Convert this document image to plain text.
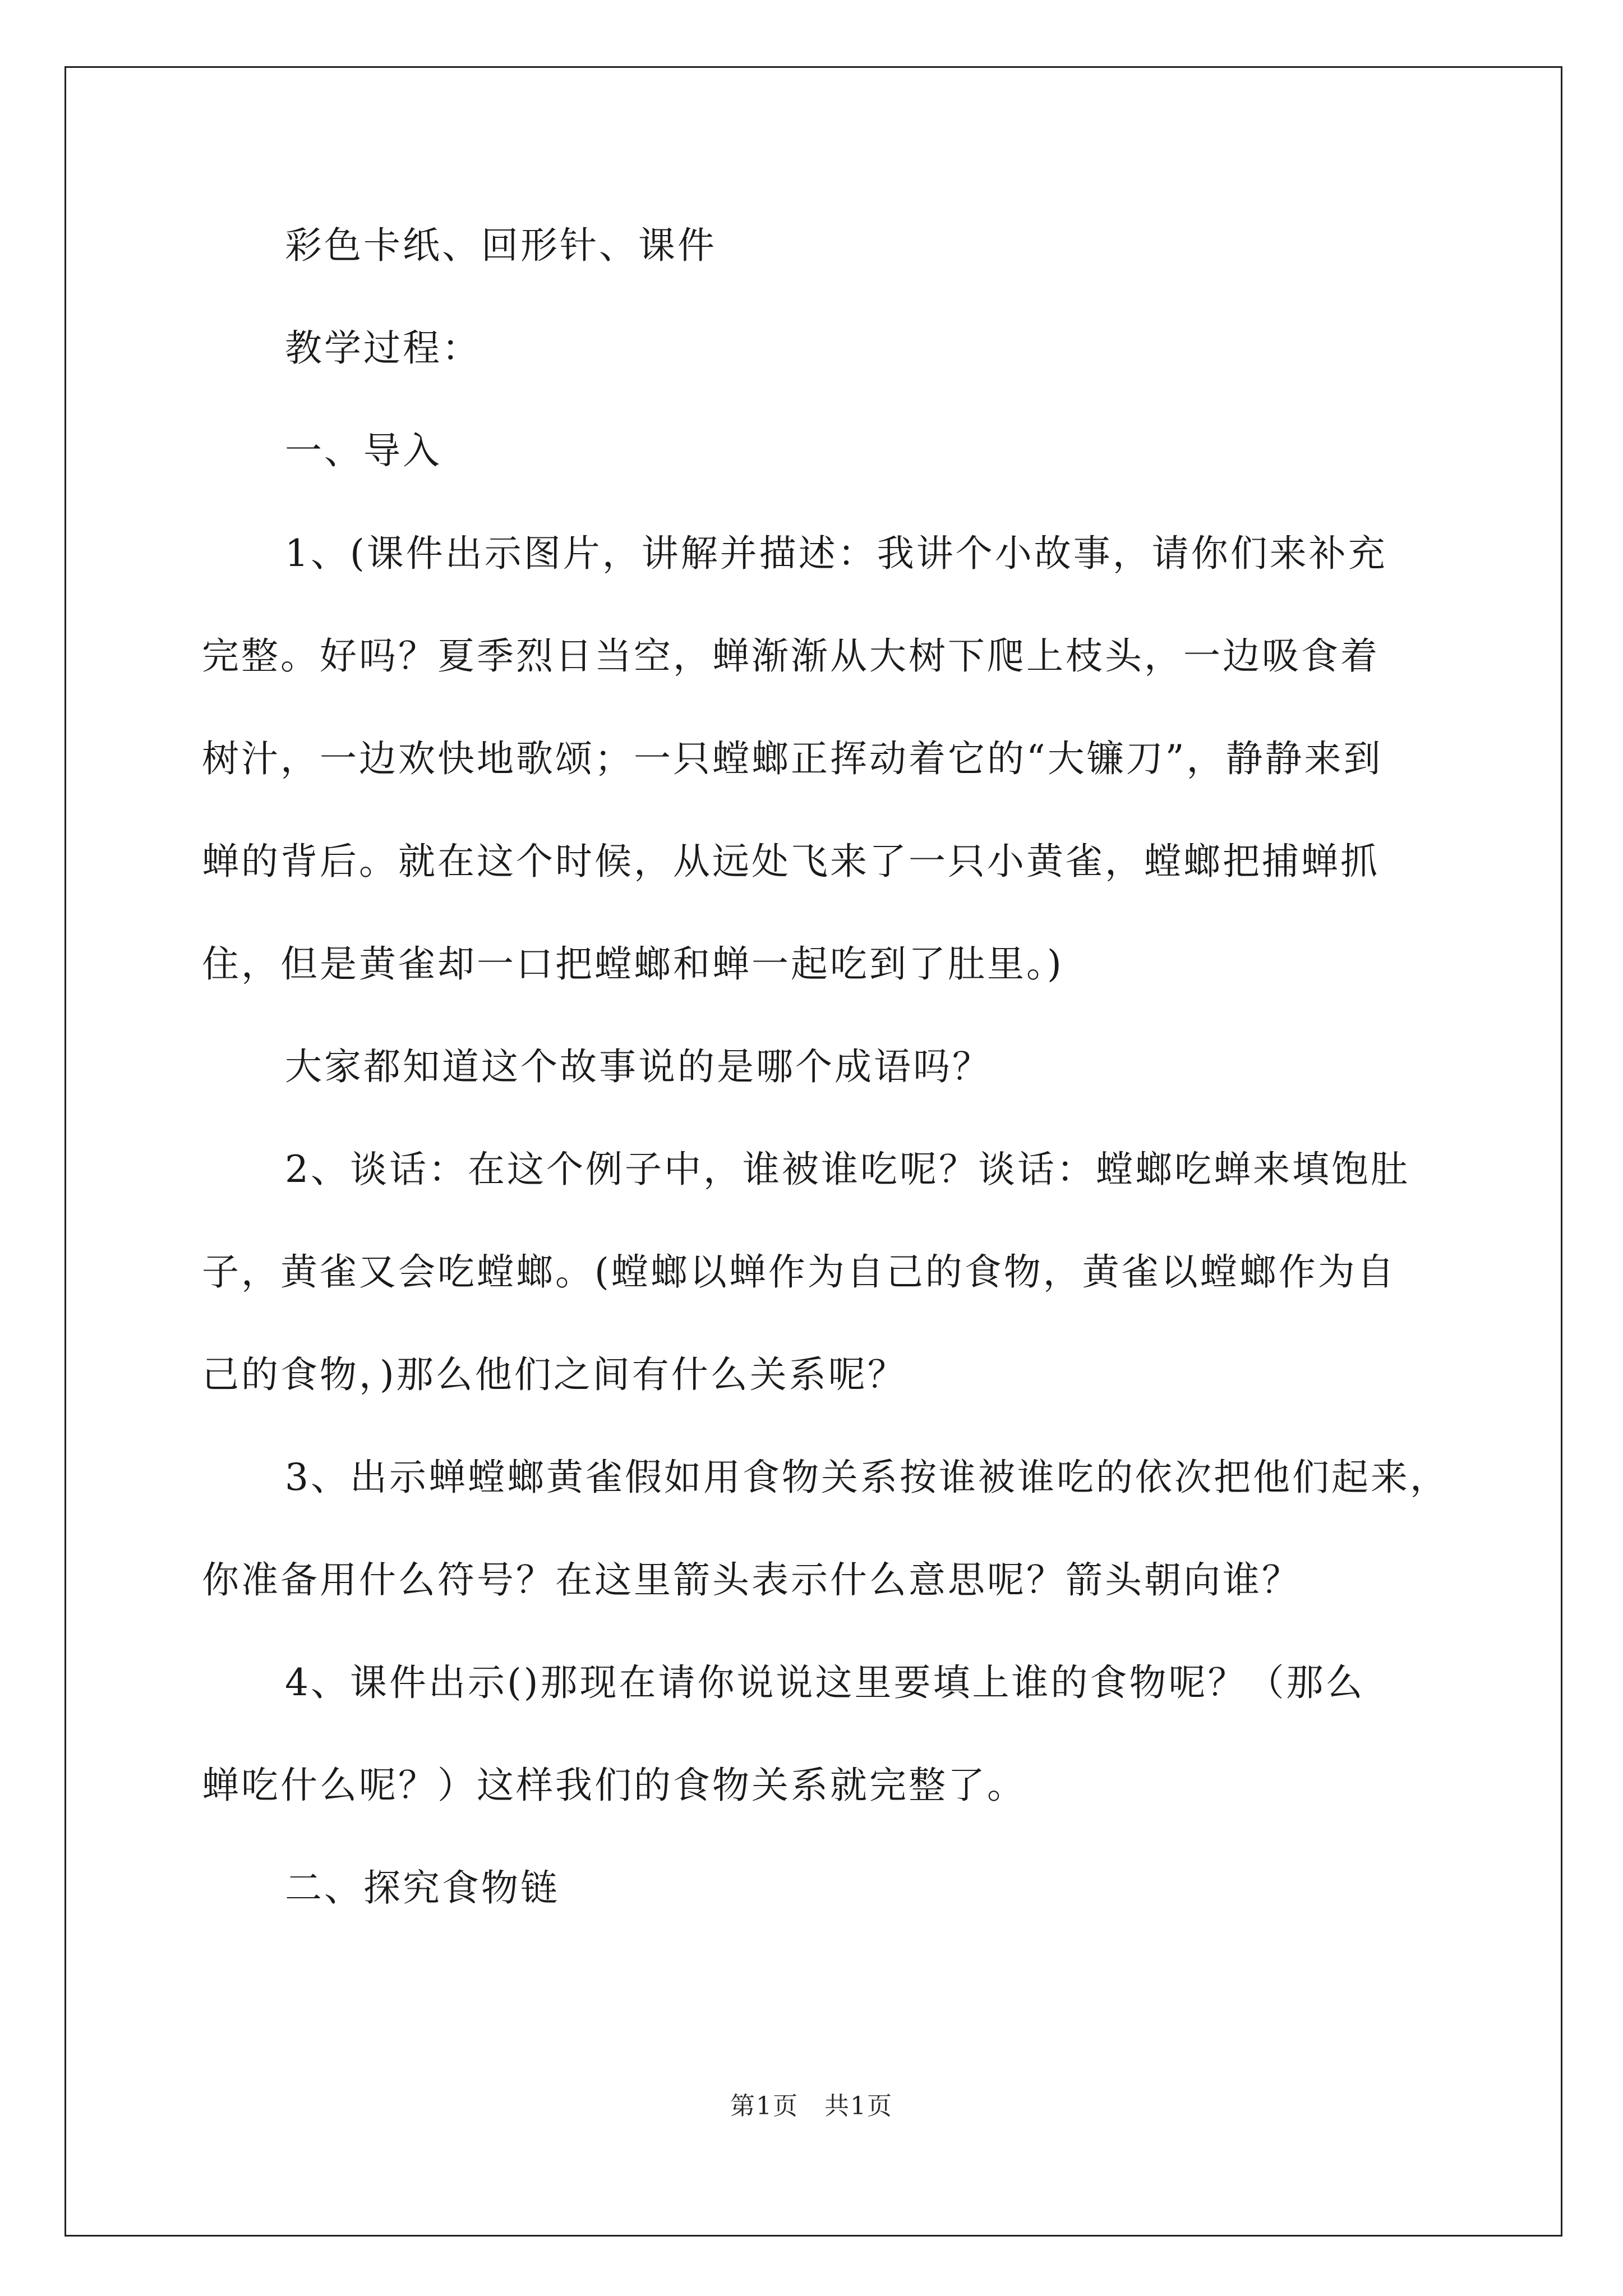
彩色卡纸、回形针、课件

教学过程：

一、导入

1、(课件出示图片，讲解并描述：我讲个小故事，请你们来补充

完整。好吗？夏季烈日当空，蝉渐渐从大树下爬上枝头，一边吸食着

树汁，一边欢快地歌颂；一只螳螂正挥动着它的“大镰刀”，静静来到

蝉的背后。就在这个时候，从远处飞来了一只小黄雀，螳螂把捕蝉抓

住，但是黄雀却一口把螳螂和蝉一起吃到了肚里。)

大家都知道这个故事说的是哪个成语吗？

2、谈话：在这个例子中，谁被谁吃呢？谈话：螳螂吃蝉来填饱肚

子，黄雀又会吃螳螂。(螳螂以蝉作为自己的食物，黄雀以螳螂作为自

己的食物，)那么他们之间有什么关系呢？

3、出示蝉螳螂黄雀假如用食物关系按谁被谁吃的依次把他们起来，

你准备用什么符号？在这里箭头表示什么意思呢？箭头朝向谁？

4、课件出示()那现在请你说说这里要填上谁的食物呢？（那么

蝉吃什么呢？）这样我们的食物关系就完整了。

二、探究食物链

第1页　共1页
